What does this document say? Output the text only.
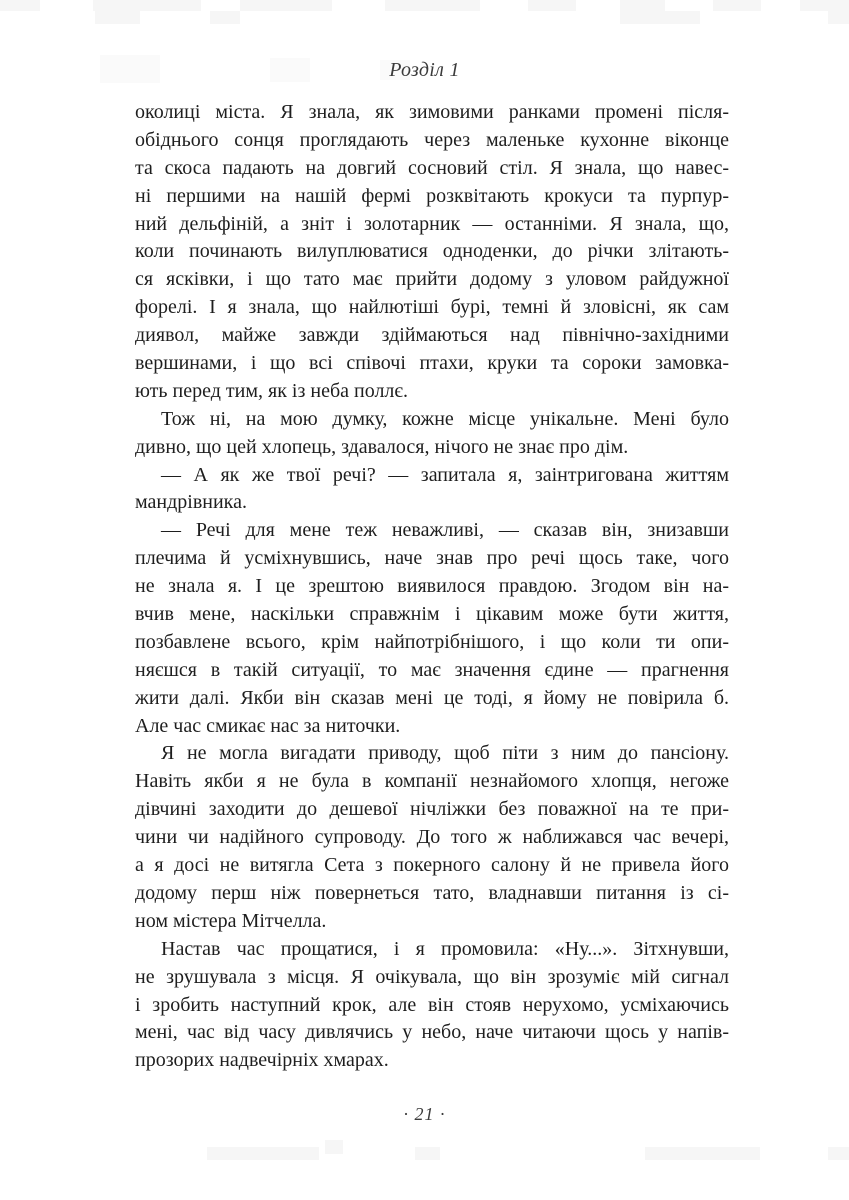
Розділ 1
околиці міста. Я знала, як зимовими ранками промені після-
обіднього сонця проглядають через маленьке кухонне віконце
та скоса падають на довгий сосновий стіл. Я знала, що навес-
ні першими на нашій фермі розквітають крокуси та пурпур-
ний дельфіній, а зніт і золотарник — останніми. Я знала, що,
коли починають вилуплюватися одноденки, до річки злітають-
ся ясківки, і що тато має прийти додому з уловом райдужної
форелі. І я знала, що найлютіші бурі, темні й зловісні, як сам
диявол, майже завжди здіймаються над північно-західними
вершинами, і що всі співочі птахи, круки та сороки замовка-
ють перед тим, як із неба поллє.
Тож ні, на мою думку, кожне місце унікальне. Мені було
дивно, що цей хлопець, здавалося, нічого не знає про дім.
— А як же твої речі? — запитала я, заінтригована життям
мандрівника.
— Речі для мене теж неважливі, — сказав він, знизавши
плечима й усміхнувшись, наче знав про речі щось таке, чого
не знала я. І це зрештою виявилося правдою. Згодом він на-
вчив мене, наскільки справжнім і цікавим може бути життя,
позбавлене всього, крім найпотрібнішого, і що коли ти опи-
няєшся в такій ситуації, то має значення єдине — прагнення
жити далі. Якби він сказав мені це тоді, я йому не повірила б.
Але час смикає нас за ниточки.
Я не могла вигадати приводу, щоб піти з ним до пансіону.
Навіть якби я не була в компанії незнайомого хлопця, негоже
дівчині заходити до дешевої нічліжки без поважної на те при-
чини чи надійного супроводу. До того ж наближався час вечері,
а я досі не витягла Сета з покерного салону й не привела його
додому перш ніж повернеться тато, владнавши питання із сі-
ном містера Мітчелла.
Настав час прощатися, і я промовила: «Ну...». Зітхнувши,
не зрушувала з місця. Я очікувала, що він зрозуміє мій сигнал
і зробить наступний крок, але він стояв нерухомо, усміхаючись
мені, час від часу дивлячись у небо, наче читаючи щось у напів-
прозорих надвечірніх хмарах.
· 21 ·
